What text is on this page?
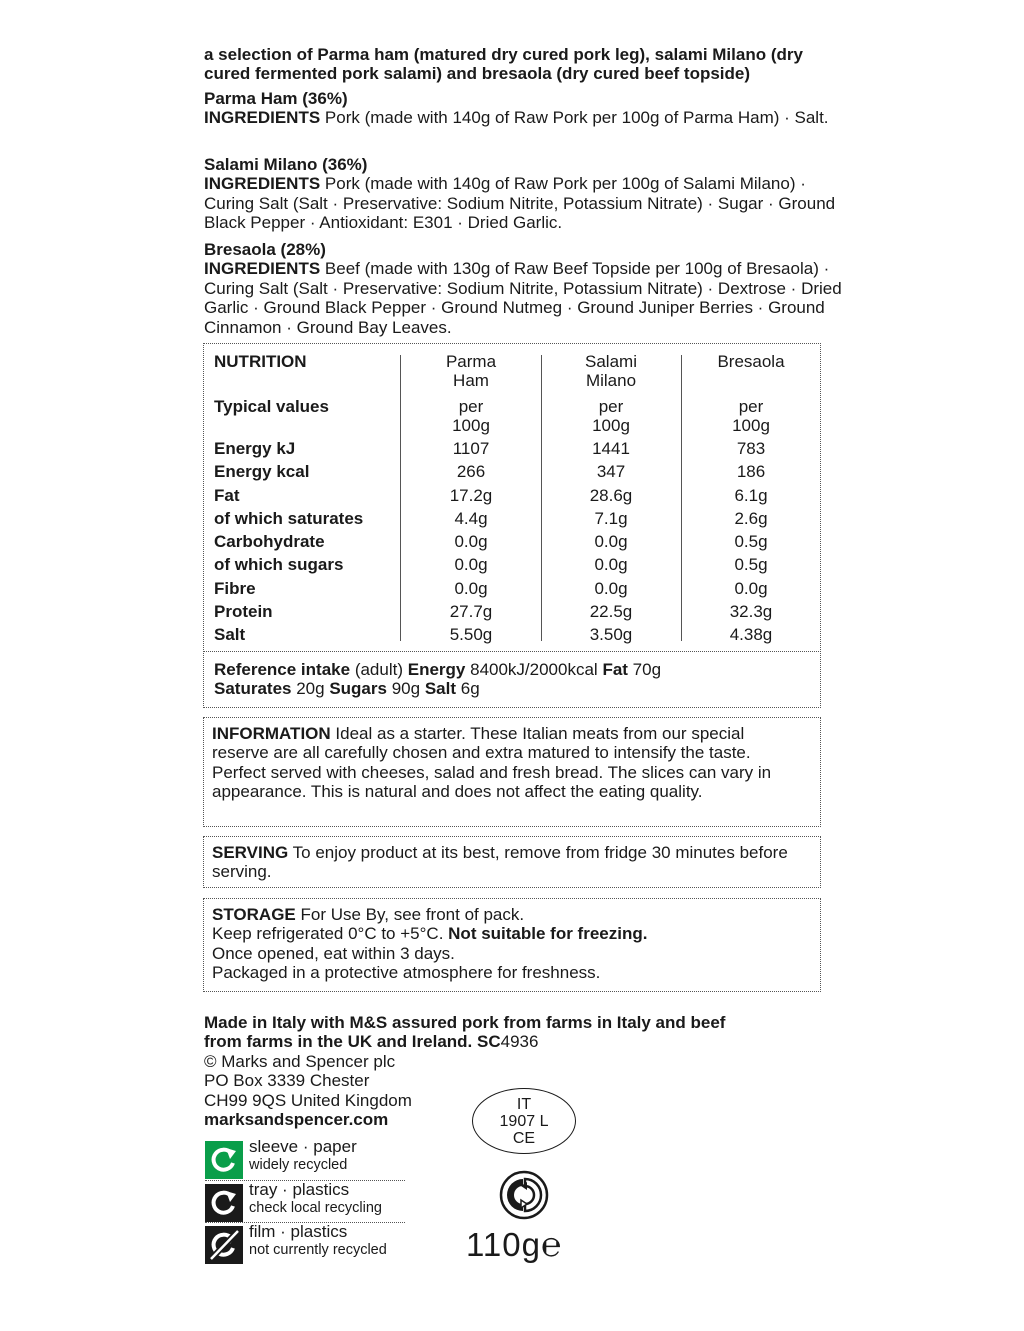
a selection of Parma ham (matured dry cured pork leg), salami Milano (dry cured fermented pork salami) and bresaola (dry cured beef topside)
Parma Ham (36%)
INGREDIENTS Pork (made with 140g of Raw Pork per 100g of Parma Ham) · Salt.
Salami Milano (36%)
INGREDIENTS Pork (made with 140g of Raw Pork per 100g of Salami Milano) · Curing Salt (Salt · Preservative: Sodium Nitrite, Potassium Nitrate) · Sugar · Ground Black Pepper · Antioxidant: E301 · Dried Garlic.
Bresaola (28%)
INGREDIENTS Beef (made with 130g of Raw Beef Topside per 100g of Bresaola) · Curing Salt (Salt · Preservative: Sodium Nitrite, Potassium Nitrate) · Dextrose · Dried Garlic · Ground Black Pepper · Ground Nutmeg · Ground Juniper Berries · Ground Cinnamon · Ground Bay Leaves.
NUTRITION
Typical values
Energy kJ
Energy kcal
Fat
of which saturates
Carbohydrate
of which sugars
Fibre
Protein
Salt
Parma
Ham
per
100g
1107
266
17.2g
4.4g
0.0g
0.0g
0.0g
27.7g
5.50g
Salami
Milano
per
100g
1441
347
28.6g
7.1g
0.0g
0.0g
0.0g
22.5g
3.50g
Bresaola
per
100g
783
186
6.1g
2.6g
0.5g
0.5g
0.0g
32.3g
4.38g
Reference intake (adult) Energy 8400kJ/2000kcal Fat 70g
Saturates 20g Sugars 90g Salt 6g
INFORMATION Ideal as a starter. These Italian meats from our special reserve are all carefully chosen and extra matured to intensify the taste. Perfect served with cheeses, salad and fresh bread. The slices can vary in appearance. This is natural and does not affect the eating quality.
SERVING To enjoy product at its best, remove from fridge 30 minutes before serving.
STORAGE For Use By, see front of pack.
Keep refrigerated 0°C to +5°C. Not suitable for freezing.
Once opened, eat within 3 days.
Packaged in a protective atmosphere for freshness.
Made in Italy with M&S assured pork from farms in Italy and beef from farms in the UK and Ireland. SC4936
© Marks and Spencer plc
PO Box 3339 Chester
CH99 9QS United Kingdom
marksandspencer.com
IT
1907 L
CE
110g℮
sleeve · paper
widely recycled
tray · plastics
check local recycling
film · plastics
not currently recycled
